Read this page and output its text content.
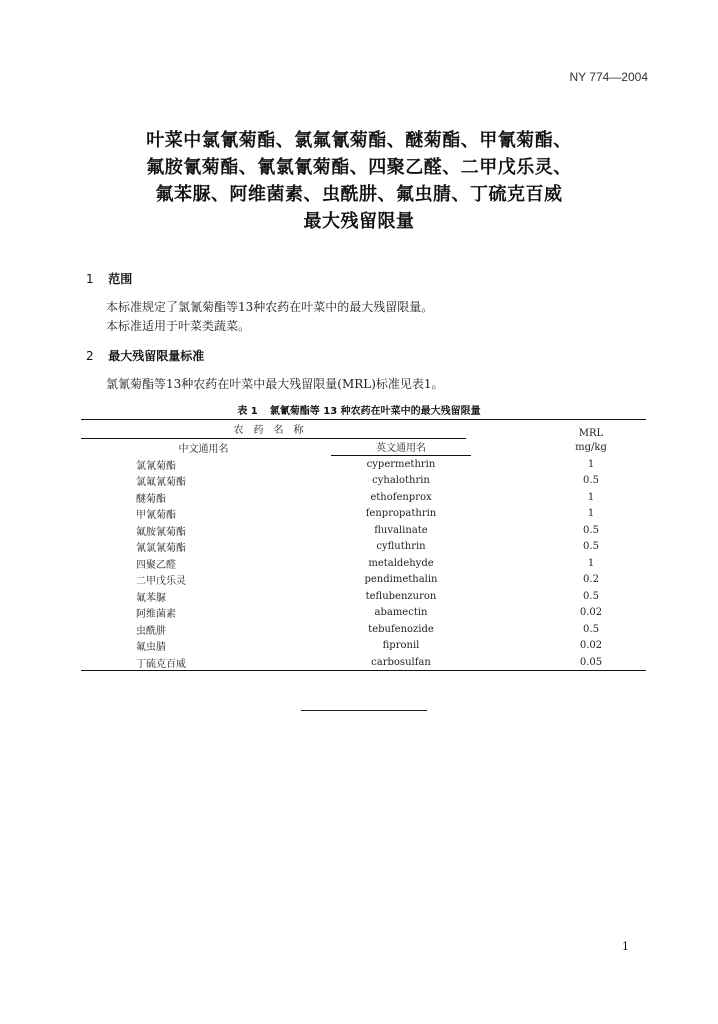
NY 774—2004
叶菜中氯氰菊酯、氯氟氰菊酯、醚菊酯、甲氰菊酯、
氟胺氰菊酯、氰氯氰菊酯、四聚乙醛、二甲戊乐灵、
氟苯脲、阿维菌素、虫酰肼、氟虫腈、丁硫克百威
最大残留限量
1 范围
本标准规定了氯氰菊酯等13种农药在叶菜中的最大残留限量。
本标准适用于叶菜类蔬菜。
2 最大残留限量标准
氯氰菊酯等13种农药在叶菜中最大残留限量(MRL)标准见表1。
表 1 氯氰菊酯等 13 种农药在叶菜中的最大残留限量
农药名称		MRL
中文通用名	英文通用名	mg/kg
氯氰菊酯	cypermethrin	1
氯氟氰菊酯	cyhalothrin	0.5
醚菊酯	ethofenprox	1
甲氰菊酯	fenpropathrin	1
氟胺氰菊酯	fluvalinate	0.5
氰氯氰菊酯	cyfluthrin	0.5
四聚乙醛	metaldehyde	1
二甲戊乐灵	pendimethalin	0.2
氟苯脲	teflubenzuron	0.5
阿维菌素	abamectin	0.02
虫酰肼	tebufenozide	0.5
氟虫腈	fipronil	0.02
丁硫克百威	carbosulfan	0.05
1
